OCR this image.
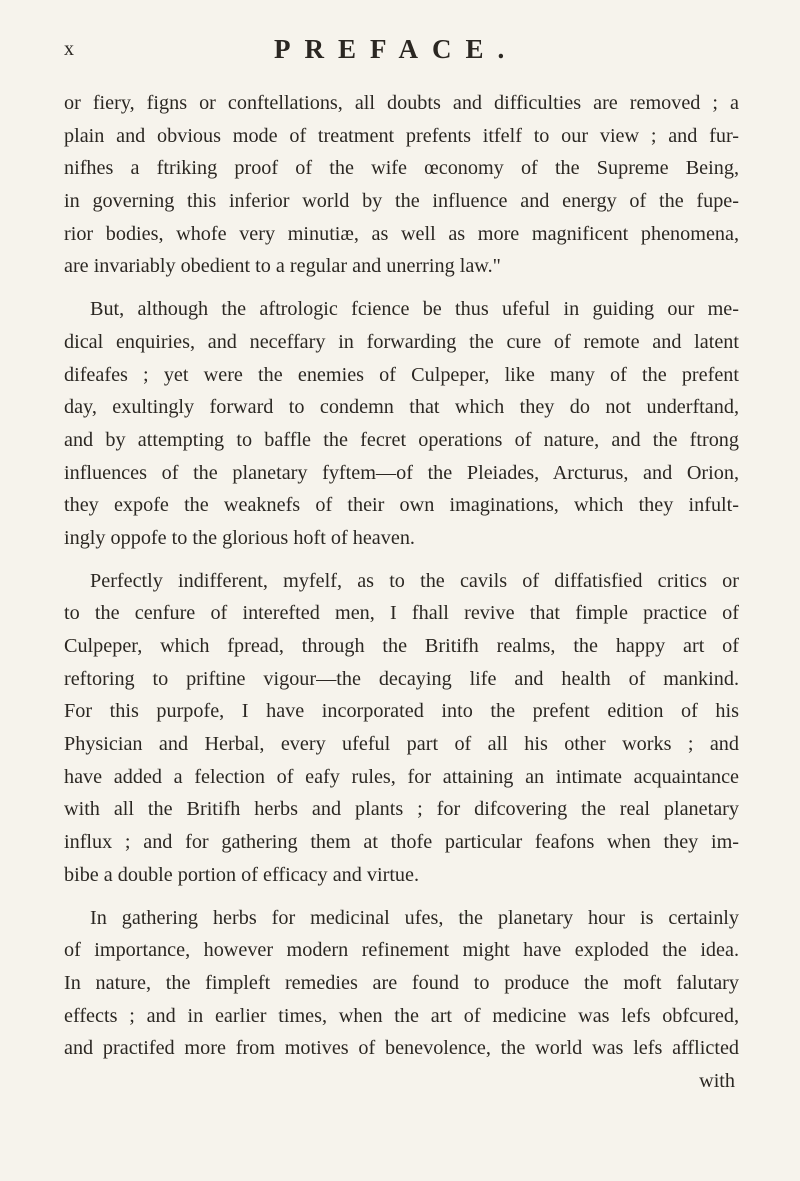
x	PREFACE.
or fiery, figns or conftellations, all doubts and difficulties are removed ; a
plain and obvious mode of treatment prefents itfelf to our view ; and fur-
nifhes a ftriking proof of the wife œconomy of the Supreme Being,
in governing this inferior world by the influence and energy of the fupe-
rior bodies, whofe very minutiæ, as well as more magnificent phenomena,
are invariably obedient to a regular and unerring law."
But, although the aftrologic fcience be thus ufeful in guiding our me-
dical enquiries, and neceffary in forwarding the cure of remote and latent
difeafes ; yet were the enemies of Culpeper, like many of the prefent
day, exultingly forward to condemn that which they do not underftand,
and by attempting to baffle the fecret operations of nature, and the ftrong
influences of the planetary fyftem—of the Pleiades, Arcturus, and Orion,
they expofe the weaknefs of their own imaginations, which they infult-
ingly oppofe to the glorious hoft of heaven.
Perfectly indifferent, myfelf, as to the cavils of diffatisfied critics or
to the cenfure of interefted men, I fhall revive that fimple practice of
Culpeper, which fpread, through the Britifh realms, the happy art of
reftoring to priftine vigour—the decaying life and health of mankind.
For this purpofe, I have incorporated into the prefent edition of his
Physician and Herbal, every ufeful part of all his other works ; and
have added a felection of eafy rules, for attaining an intimate acquaintance
with all the Britifh herbs and plants ; for difcovering the real planetary
influx ; and for gathering them at thofe particular feafons when they im-
bibe a double portion of efficacy and virtue.
In gathering herbs for medicinal ufes, the planetary hour is certainly
of importance, however modern refinement might have exploded the idea.
In nature, the fimpleft remedies are found to produce the moft falutary
effects ; and in earlier times, when the art of medicine was lefs obfcured,
and practifed more from motives of benevolence, the world was lefs afflicted
with
